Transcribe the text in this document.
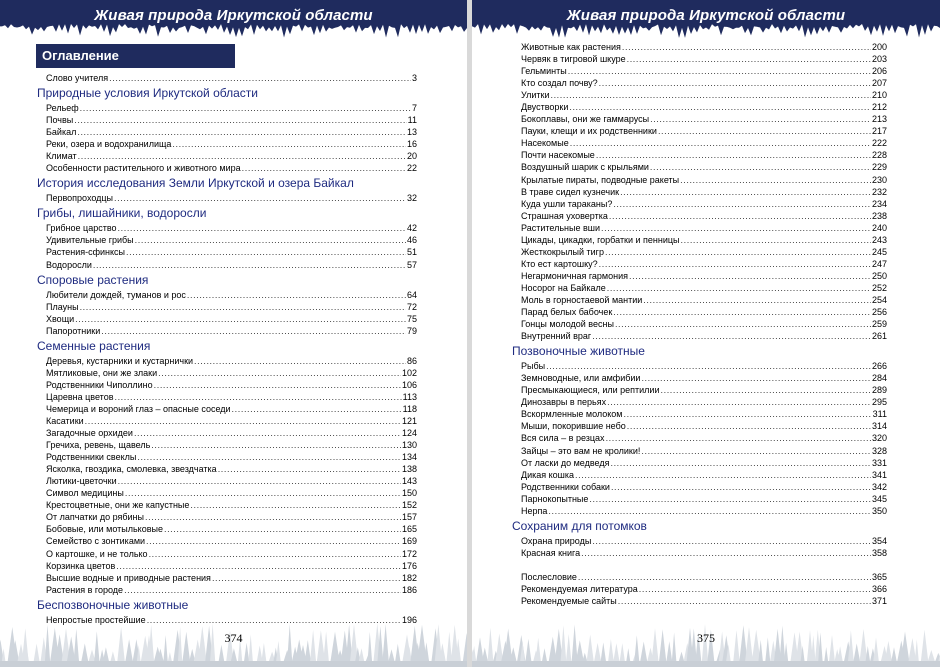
Живая природа Иркутской области
Оглавление
Слово учителя .....	3
Природные условия Иркутской области
Рельеф .....	7
Почвы .....	11
Байкал .....	13
Реки, озера и водохранилища .....	16
Климат .....	20
Особенности растительного и животного мира .....	22
История исследования Земли Иркутской и озера Байкал
Первопроходцы .....	32
Грибы, лишайники, водоросли
Грибное царство .....	42
Удивительные грибы .....	46
Растения-сфинксы .....	51
Водоросли .....	57
Споровые растения
Любители дождей, туманов и рос .....	64
Плауны .....	72
Хвощи .....	75
Папоротники .....	79
Семенные растения
Деревья, кустарники и кустарнички .....	86
Мятликовые, они же злаки .....	102
Родственники Чиполлино .....	106
Царевна цветов .....	113
Чемерица и вороний глаз – опасные соседи .....	118
Касатики .....	121
Загадочные орхидеи .....	124
Гречиха, ревень, щавель .....	130
Родственники свеклы .....	134
Ясколка, гвоздика, смолевка, звездчатка .....	138
Лютики-цветочки .....	143
Символ медицины .....	150
Крестоцветные, они же капустные .....	152
От лапчатки до рябины .....	157
Бобовые, или мотыльковые .....	165
Семейство с зонтиками .....	169
О картошке, и не только .....	172
Корзинка цветов .....	176
Высшие водные и приводные растения .....	182
Растения в городе .....	186
Беспозвоночные животные
Непростые простейшие .....	196
374
Живая природа Иркутской области
Животные как растения .....	200
Червяк в тигровой шкуре .....	203
Гельминты .....	206
Кто создал почву? .....	207
Улитки .....	210
Двустворки .....	212
Бокоплавы, они же гаммарусы .....	213
Пауки, клещи и их родственники .....	217
Насекомые .....	222
Почти насекомые .....	228
Воздушный шарик с крыльями .....	229
Крылатые пираты, подводные ракеты .....	230
В траве сидел кузнечик .....	232
Куда ушли тараканы? .....	234
Страшная уховертка .....	238
Растительные вши .....	240
Цикады, цикадки, горбатки и пенницы .....	243
Жесткокрылый тигр .....	245
Кто ест картошку? .....	247
Негармоничная гармония .....	250
Носорог на Байкале .....	252
Моль в горностаевой мантии .....	254
Парад белых бабочек .....	256
Гонцы молодой весны .....	259
Внутренний враг .....	261
Позвоночные животные
Рыбы .....	266
Земноводные, или амфибии .....	284
Пресмыкающиеся, или рептилии .....	289
Динозавры в перьях .....	295
Вскормленные молоком .....	311
Мыши, покорившие небо .....	314
Вся сила – в резцах .....	320
Зайцы – это вам не кролики! .....	328
От ласки до медведя .....	331
Дикая кошка .....	341
Родственники собаки .....	342
Парнокопытные .....	345
Нерпа .....	350
Сохраним для потомков
Охрана природы .....	354
Красная книга .....	358
Послесловие .....	365
Рекомендуемая литература .....	366
Рекомендуемые сайты .....	371
375
